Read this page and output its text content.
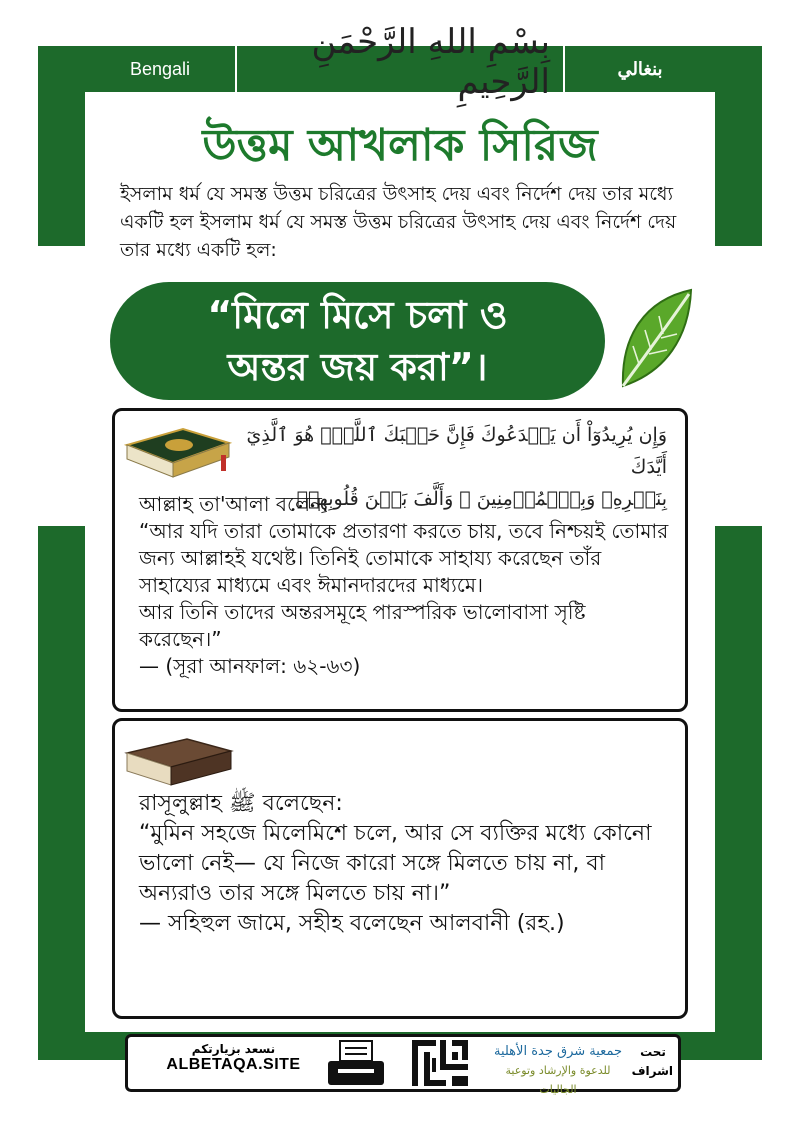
Bengali	بنغالي
بِسْمِ اللهِ الرَّحْمَنِ الرَّحِيمِ
উত্তম আখলাক সিরিজ
ইসলাম ধর্ম যে সমস্ত উত্তম চরিত্রের উৎসাহ দেয় এবং নির্দেশ দেয় তার মধ্যে একটি হল ইসলাম ধর্ম যে সমস্ত উত্তম চরিত্রের উৎসাহ দেয় এবং নির্দেশ দেয় তার মধ্যে একটি হল:
“মিলে মিসে চলা ও
অন্তর জয় করা”।
وَإِن يُرِيدُوٓاْ أَن يَخۡدَعُوكَ فَإِنَّ حَسۡبَكَ ٱللَّهُۚ هُوَ ٱلَّذِيٓ أَيَّدَكَ
بِنَصۡرِهِۦ وَبِٱلۡمُؤۡمِنِينَ ۞ وَأَلَّفَ بَيۡنَ قُلُوبِهِمۡ

আল্লাহ তা'আলা বলেন:

“আর যদি তারা তোমাকে প্রতারণা করতে চায়, তবে নিশ্চয়ই তোমার জন্য আল্লাহই যথেষ্ট। তিনিই তোমাকে সাহায্য করেছেন তাঁর সাহায্যের মাধ্যমে এবং ঈমানদারদের মাধ্যমে।

আর তিনি তাদের অন্তরসমূহে পারস্পরিক ভালোবাসা সৃষ্টি করেছেন।”

— (সূরা আনফাল: ৬২-৬৩)

রাসূলুল্লাহ ﷺ বলেছেন:

“মুমিন সহজে মিলেমিশে চলে, আর সে ব্যক্তির মধ্যে কোনো ভালো নেই— যে নিজে কারো সঙ্গে মিলতে চায় না, বা অন্যরাও তার সঙ্গে মিলতে চায় না।”

— সহিহুল জামে, সহীহ বলেছেন আলবানী (রহ.)

نسعد بزيارتكم
ALBETAQA.SITE
جمعية شرق جدة الأهلية
للدعوة والإرشاد وتوعية الجاليات
تحت
اشراف
